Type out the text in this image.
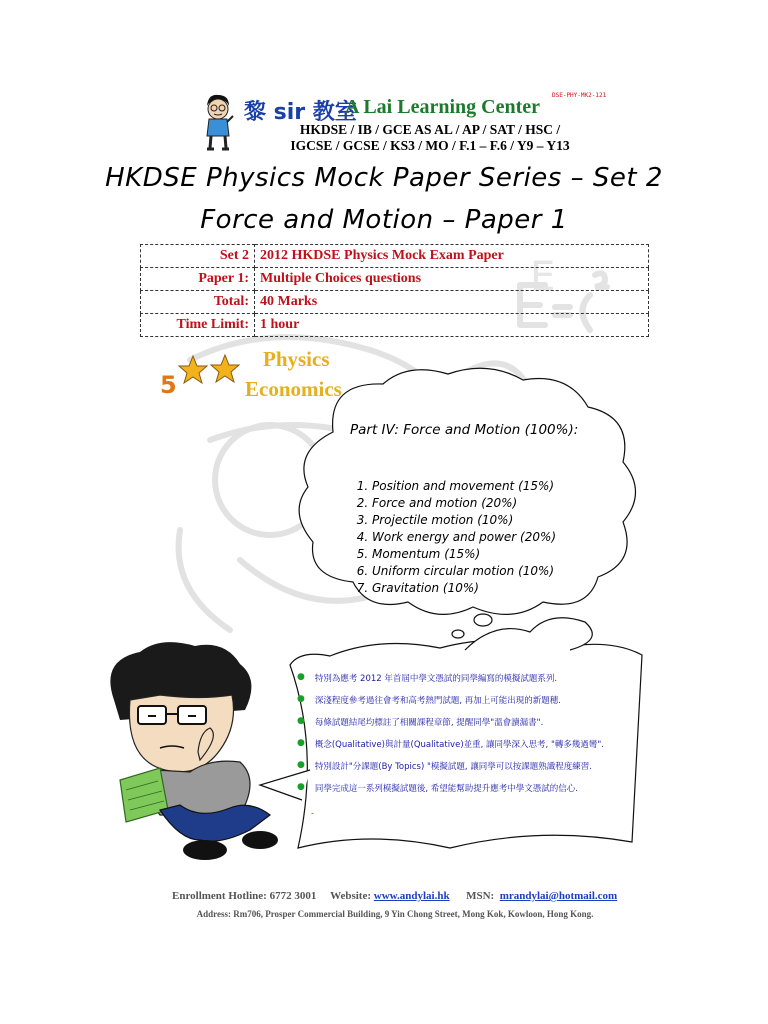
E
DSE-PHY-MK2-121
黎 sir 教室
A Lai Learning Center
HKDSE / IB / GCE AS AL / AP / SAT / HSC /
IGCSE / GCSE / KS3 / MO / F.1 – F.6 / Y9 – Y13
HKDSE Physics Mock Paper Series – Set 2
Force and Motion – Paper 1
Set 2	2012 HKDSE Physics Mock Exam Paper
Paper 1:	Multiple Choices questions
Total:	40 Marks
Time Limit:	1 hour
5
Physics
Economics
Part IV: Force and Motion (100%):
1. Position and movement (15%)
2. Force and motion (20%)
3. Projectile motion (10%)
4. Work energy and power (20%)
5. Momentum (15%)
6. Uniform circular motion (10%)
7. Gravitation (10%)
● 特別為應考 2012 年首屆中學文憑試的同學編寫的模擬試題系列.
● 深淺程度參考過往會考和高考熱門試題, 再加上可能出現的新題穗.
● 每條試題結尾均標註了相關課程章節, 提醒同學"溫會讀漏書".
● 概念(Qualitative)與計量(Qualitative)並重, 讓同學深入思考, "轉多幾過彎".
● 特別設計"分課題(By Topics) "模擬試題, 讓同學可以按課題熟識程度練習.
● 同學完成這一系列模擬試題後, 希望能幫助提升應考中學文憑試的信心.
-
Enrollment Hotline: 6772 3001 Website: www.andylai.hk MSN: mrandylai@hotmail.com
Address: Rm706, Prosper Commercial Building, 9 Yin Chong Street, Mong Kok, Kowloon, Hong Kong.
